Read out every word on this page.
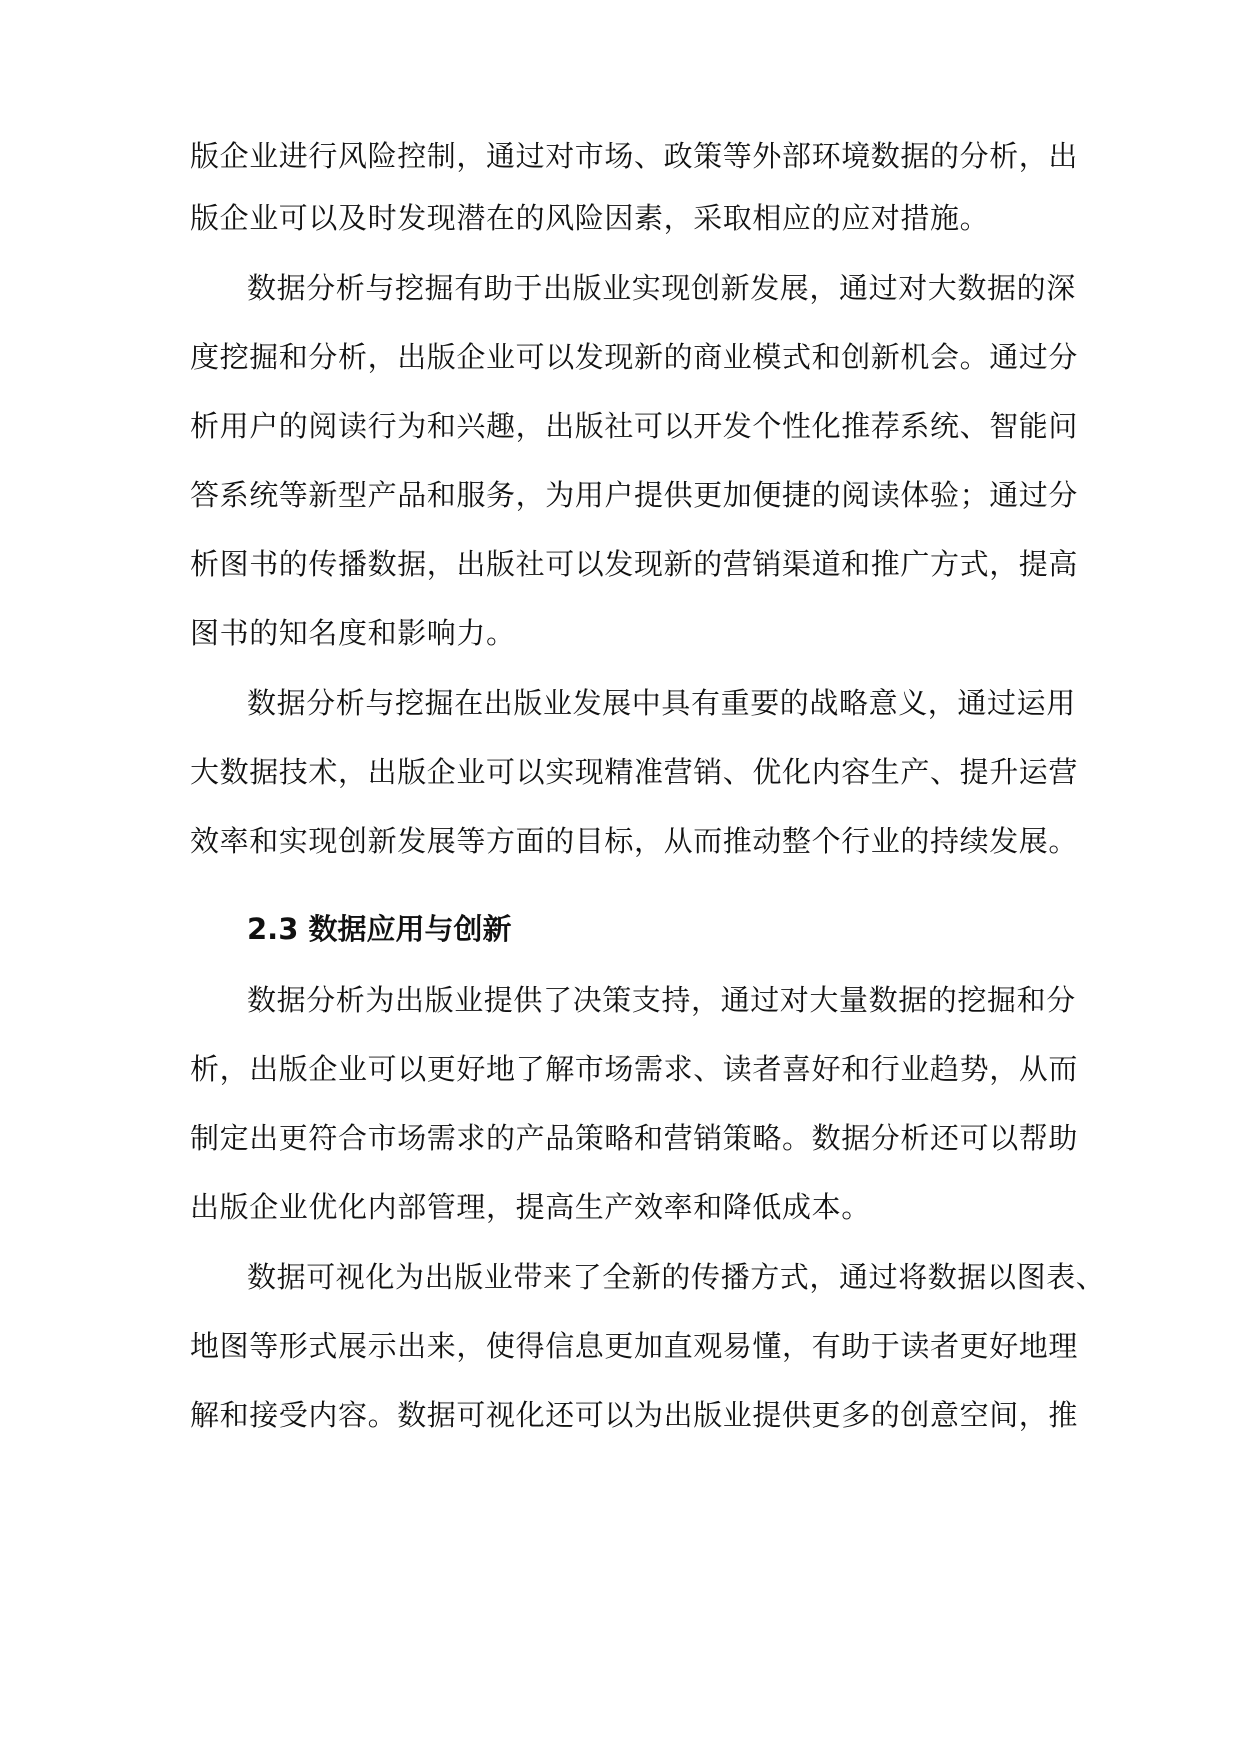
版企业进行风险控制，通过对市场、政策等外部环境数据的分析，出
版企业可以及时发现潜在的风险因素，采取相应的应对措施。
数据分析与挖掘有助于出版业实现创新发展，通过对大数据的深
度挖掘和分析，出版企业可以发现新的商业模式和创新机会。通过分
析用户的阅读行为和兴趣，出版社可以开发个性化推荐系统、智能问
答系统等新型产品和服务，为用户提供更加便捷的阅读体验；通过分
析图书的传播数据，出版社可以发现新的营销渠道和推广方式，提高
图书的知名度和影响力。
数据分析与挖掘在出版业发展中具有重要的战略意义，通过运用
大数据技术，出版企业可以实现精准营销、优化内容生产、提升运营
效率和实现创新发展等方面的目标，从而推动整个行业的持续发展。
2.3 数据应用与创新
数据分析为出版业提供了决策支持，通过对大量数据的挖掘和分
析，出版企业可以更好地了解市场需求、读者喜好和行业趋势，从而
制定出更符合市场需求的产品策略和营销策略。数据分析还可以帮助
出版企业优化内部管理，提高生产效率和降低成本。
数据可视化为出版业带来了全新的传播方式，通过将数据以图表、
地图等形式展示出来，使得信息更加直观易懂，有助于读者更好地理
解和接受内容。数据可视化还可以为出版业提供更多的创意空间，推
